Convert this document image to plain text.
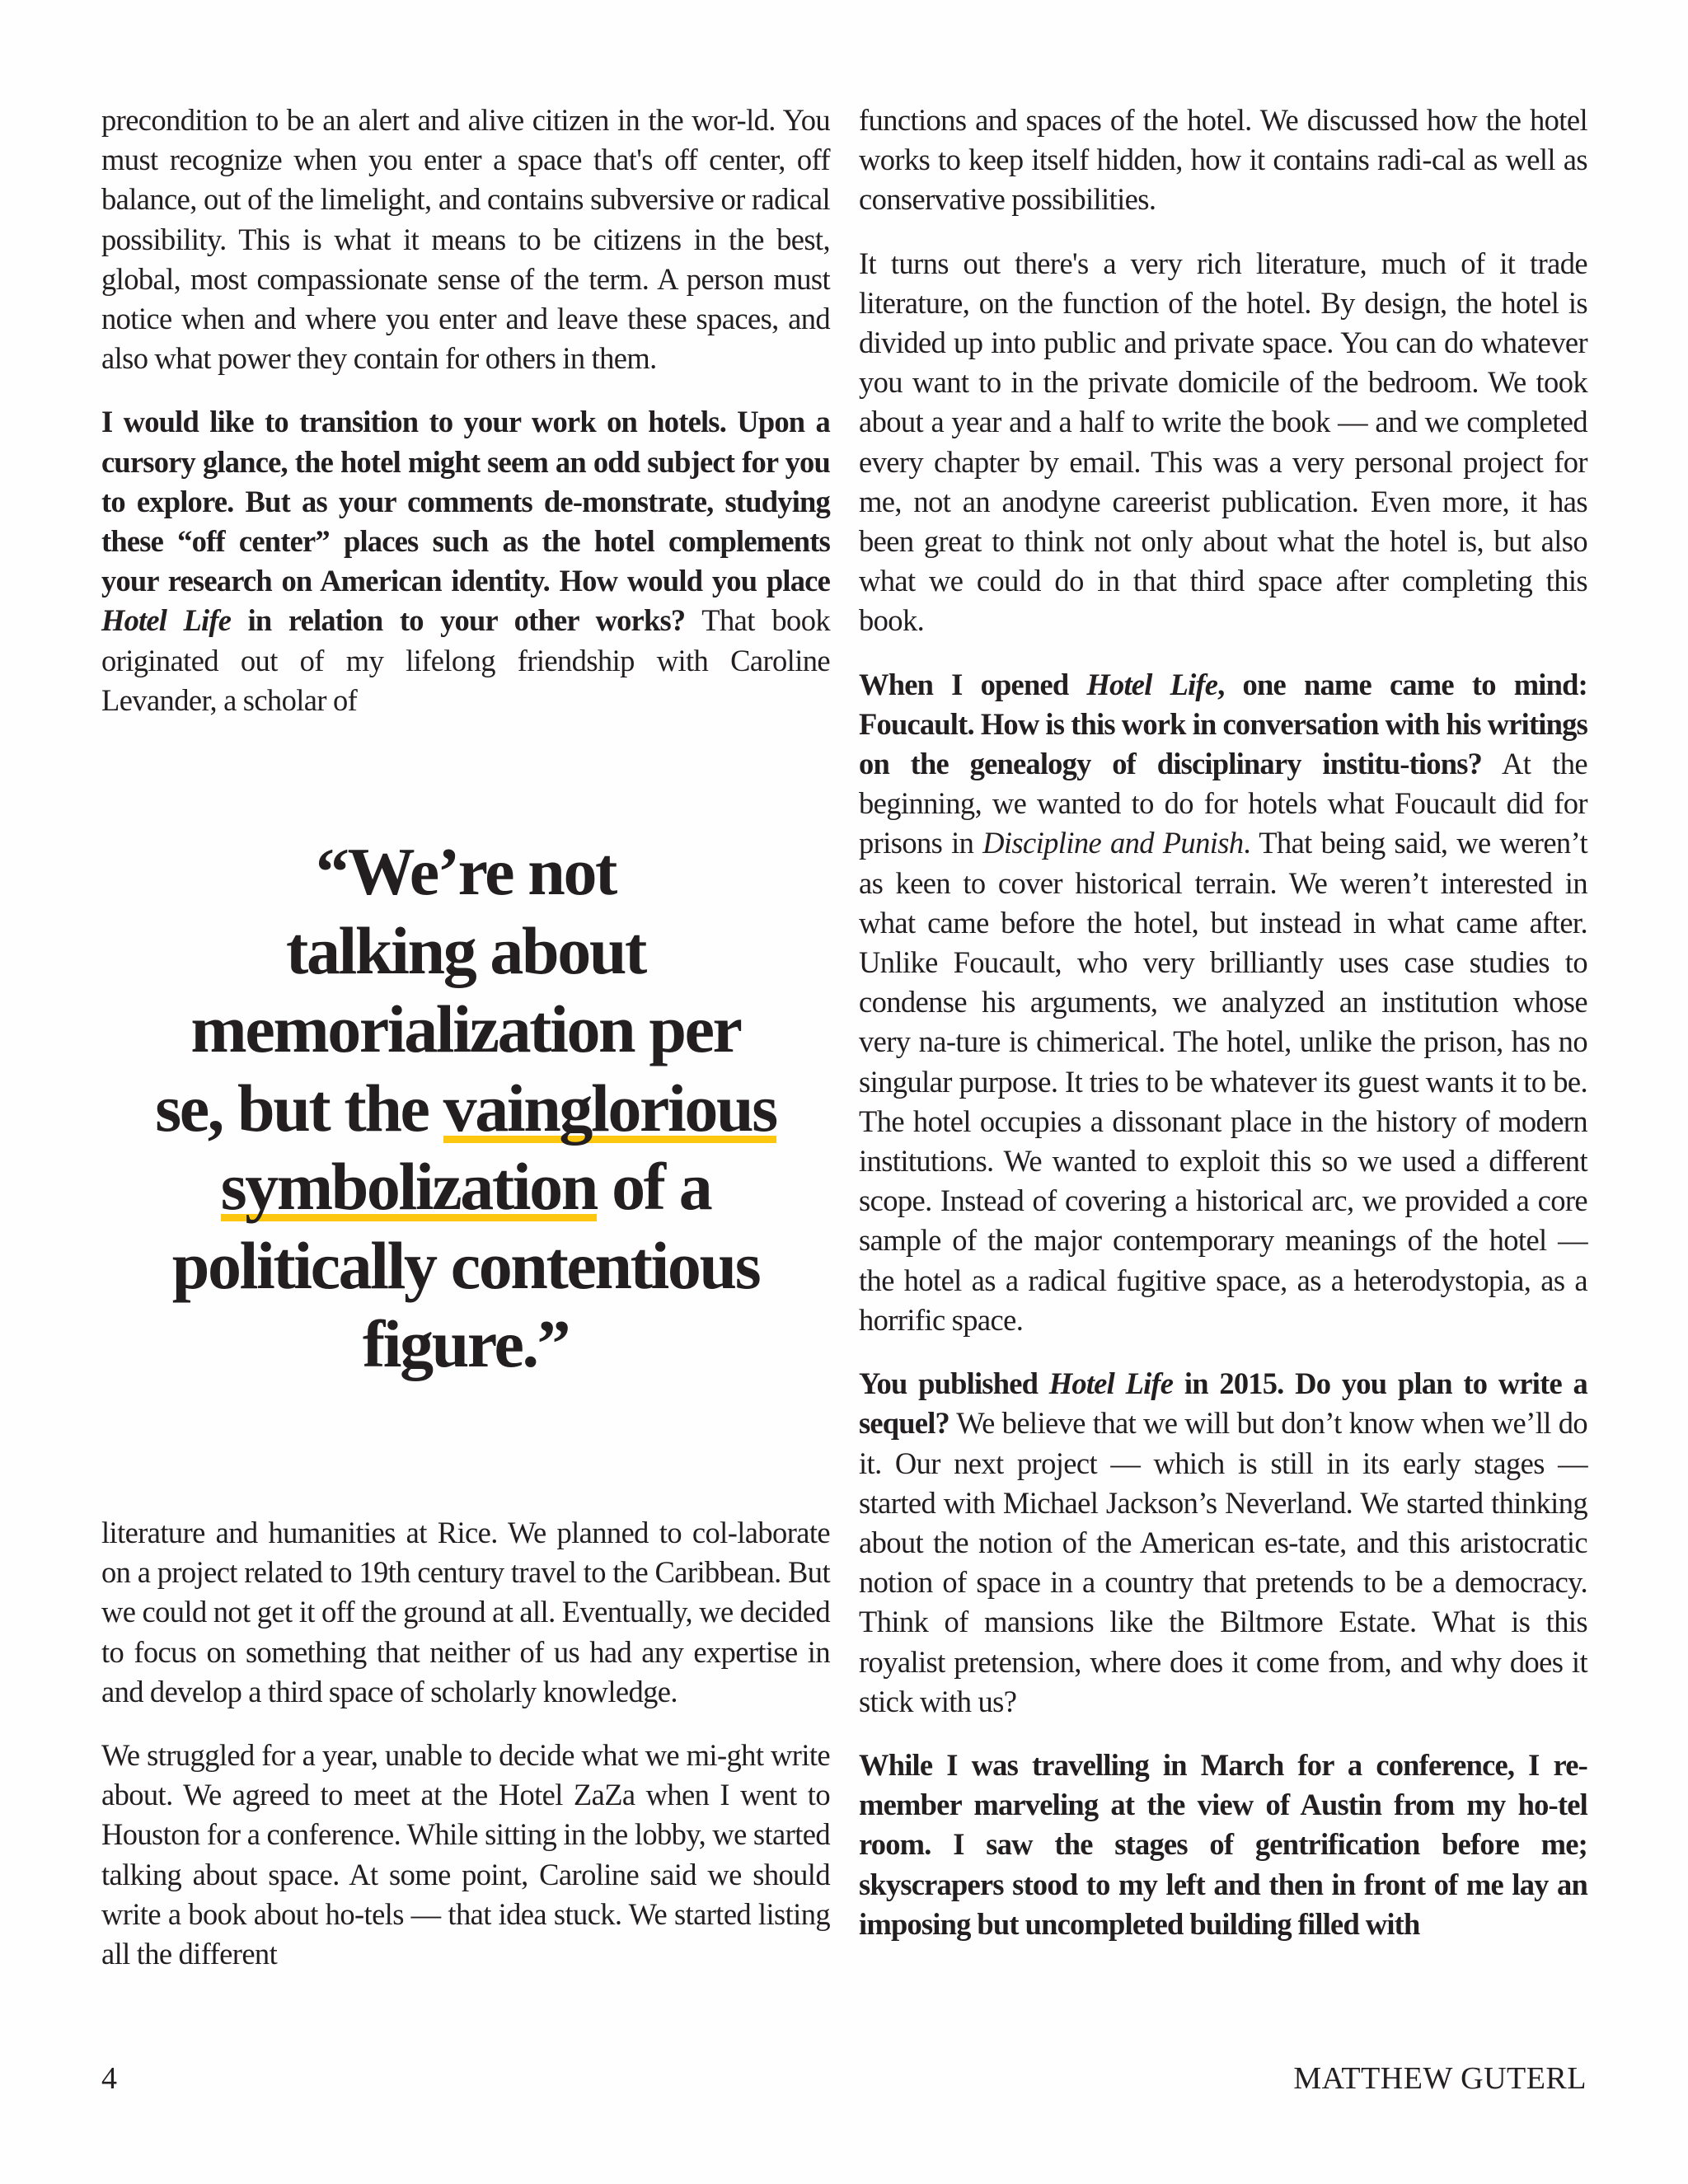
precondition to be an alert and alive citizen in the wor-ld. You must recognize when you enter a space that's off center, off balance, out of the limelight, and contains subversive or radical possibility. This is what it means to be citizens in the best, global, most compassionate sense of the term. A person must notice when and where you enter and leave these spaces, and also what power they contain for others in them.

I would like to transition to your work on hotels. Upon a cursory glance, the hotel might seem an odd subject for you to explore. But as your comments de-monstrate, studying these “off center” places such as the hotel complements your research on American identity. How would you place Hotel Life in relation to your other works? That book originated out of my lifelong friendship with Caroline Levander, a scholar of

“We’re not
talking about
memorialization per
se, but the vainglorious
symbolization of a
politically contentious
figure.”

literature and humanities at Rice. We planned to col-laborate on a project related to 19th century travel to the Caribbean. But we could not get it off the ground at all. Eventually, we decided to focus on something that neither of us had any expertise in and develop a third space of scholarly knowledge.

We struggled for a year, unable to decide what we mi-ght write about. We agreed to meet at the Hotel ZaZa when I went to Houston for a conference. While sitting in the lobby, we started talking about space. At some point, Caroline said we should write a book about ho-tels — that idea stuck. We started listing all the different

functions and spaces of the hotel. We discussed how the hotel works to keep itself hidden, how it contains radi-cal as well as conservative possibilities.

It turns out there's a very rich literature, much of it trade literature, on the function of the hotel. By design, the hotel is divided up into public and private space. You can do whatever you want to in the private domicile of the bedroom. We took about a year and a half to write the book — and we completed every chapter by email. This was a very personal project for me, not an anodyne careerist publication. Even more, it has been great to think not only about what the hotel is, but also what we could do in that third space after completing this book.

When I opened Hotel Life, one name came to mind: Foucault. How is this work in conversation with his writings on the genealogy of disciplinary institu-tions? At the beginning, we wanted to do for hotels what Foucault did for prisons in Discipline and Punish. That being said, we weren’t as keen to cover historical terrain. We weren’t interested in what came before the hotel, but instead in what came after. Unlike Foucault, who very brilliantly uses case studies to condense his arguments, we analyzed an institution whose very na-ture is chimerical. The hotel, unlike the prison, has no singular purpose. It tries to be whatever its guest wants it to be. The hotel occupies a dissonant place in the history of modern institutions. We wanted to exploit this so we used a different scope. Instead of covering a historical arc, we provided a core sample of the major contemporary meanings of the hotel — the hotel as a radical fugitive space, as a heterodystopia, as a horrific space.

You published Hotel Life in 2015. Do you plan to write a sequel? We believe that we will but don’t know when we’ll do it. Our next project — which is still in its early stages — started with Michael Jackson’s Neverland. We started thinking about the notion of the American es-tate, and this aristocratic notion of space in a country that pretends to be a democracy. Think of mansions like the Biltmore Estate. What is this royalist pretension, where does it come from, and why does it stick with us?

While I was travelling in March for a conference, I re-member marveling at the view of Austin from my ho-tel room. I saw the stages of gentrification before me; skyscrapers stood to my left and then in front of me lay an imposing but uncompleted building filled with

4	MATTHEW GUTERL
